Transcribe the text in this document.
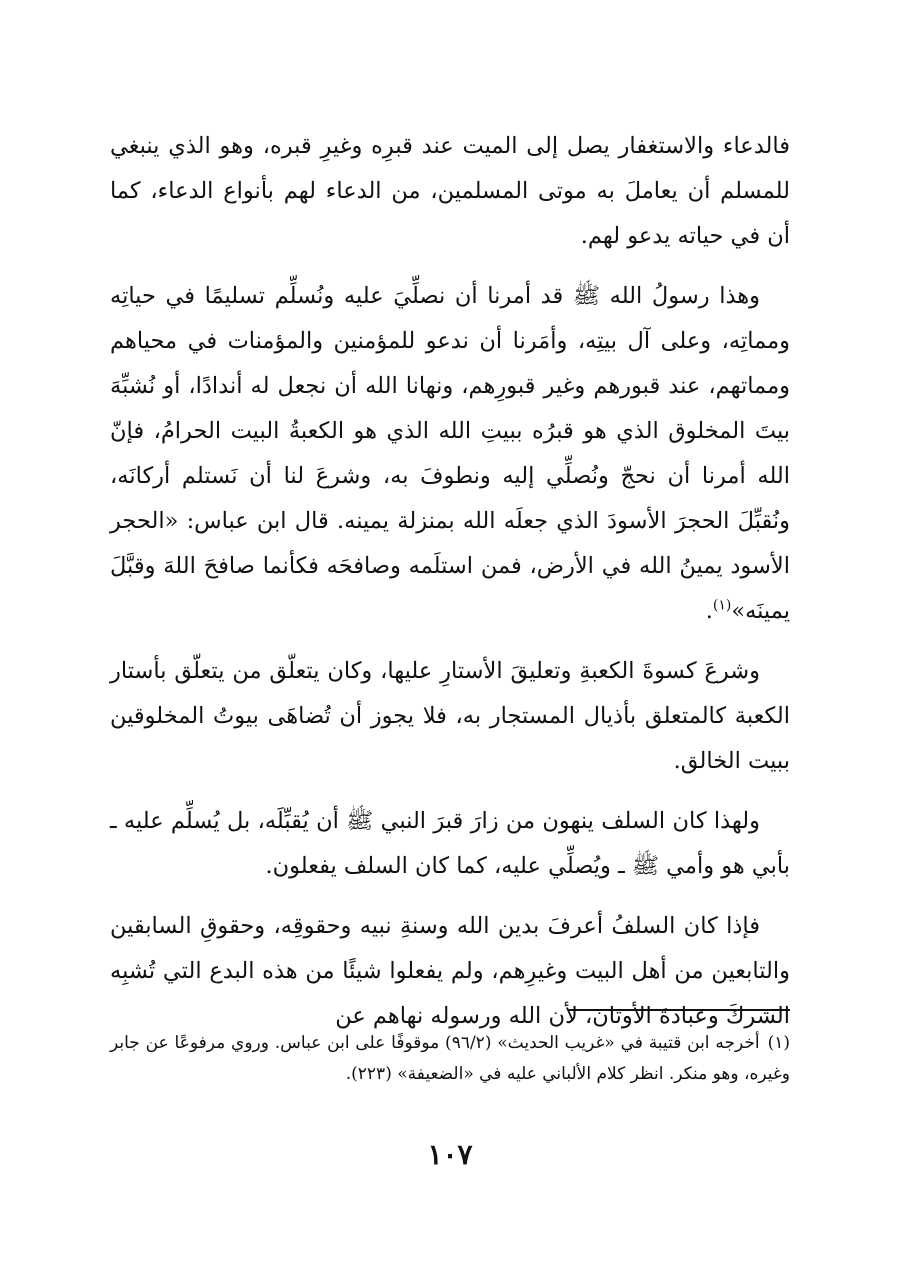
فالدعاء والاستغفار يصل إلى الميت عند قبرِه وغيرِ قبره، وهو الذي ينبغي للمسلم أن يعاملَ به موتى المسلمين، من الدعاء لهم بأنواع الدعاء، كما أن في حياته يدعو لهم.

وهذا رسولُ الله ﷺ قد أمرنا أن نصلِّيَ عليه ونُسلِّم تسليمًا في حياتِه ومماتِه، وعلى آل بيتِه، وأمَرنا أن ندعو للمؤمنين والمؤمنات في محياهم ومماتهم، عند قبورهم وغير قبورِهم، ونهانا الله أن نجعل له أندادًا، أو نُشبِّهَ بيتَ المخلوق الذي هو قبرُه ببيتِ الله الذي هو الكعبةُ البيت الحرامُ، فإنّ الله أمرنا أن نحجّ ونُصلِّي إليه ونطوفَ به، وشرعَ لنا أن نَستلم أركانَه، ونُقبِّلَ الحجرَ الأسودَ الذي جعلَه الله بمنزلة يمينه. قال ابن عباس: «الحجر الأسود يمينُ الله في الأرض، فمن استلَمه وصافحَه فكأنما صافحَ اللهَ وقبَّلَ يمينَه»$^{(١)}$.

وشرعَ كسوةَ الكعبةِ وتعليقَ الأستارِ عليها، وكان يتعلّق من يتعلّق بأستار الكعبة كالمتعلق بأذيال المستجار به، فلا يجوز أن تُضاهَى بيوتُ المخلوقين ببيت الخالق.

ولهذا كان السلف ينهون من زارَ قبرَ النبي ﷺ أن يُقبِّلَه، بل يُسلِّم عليه ـ بأبي هو وأمي ﷺ ـ ويُصلِّي عليه، كما كان السلف يفعلون.

فإذا كان السلفُ أعرفَ بدين الله وسنةِ نبيه وحقوقِه، وحقوقِ السابقين والتابعين من أهل البيت وغيرِهم، ولم يفعلوا شيئًا من هذه البدع التي تُشبِه الشركَ وعبادةَ الأوثان، لأن الله ورسوله نهاهم عن

(١)أخرجه ابن قتيبة في «غريب الحديث» (٩٦/٢) موقوفًا على ابن عباس. وروي مرفوعًا عن جابر وغيره، وهو منكر. انظر كلام الألباني عليه في «الضعيفة» (٢٢٣).
١٠٧
